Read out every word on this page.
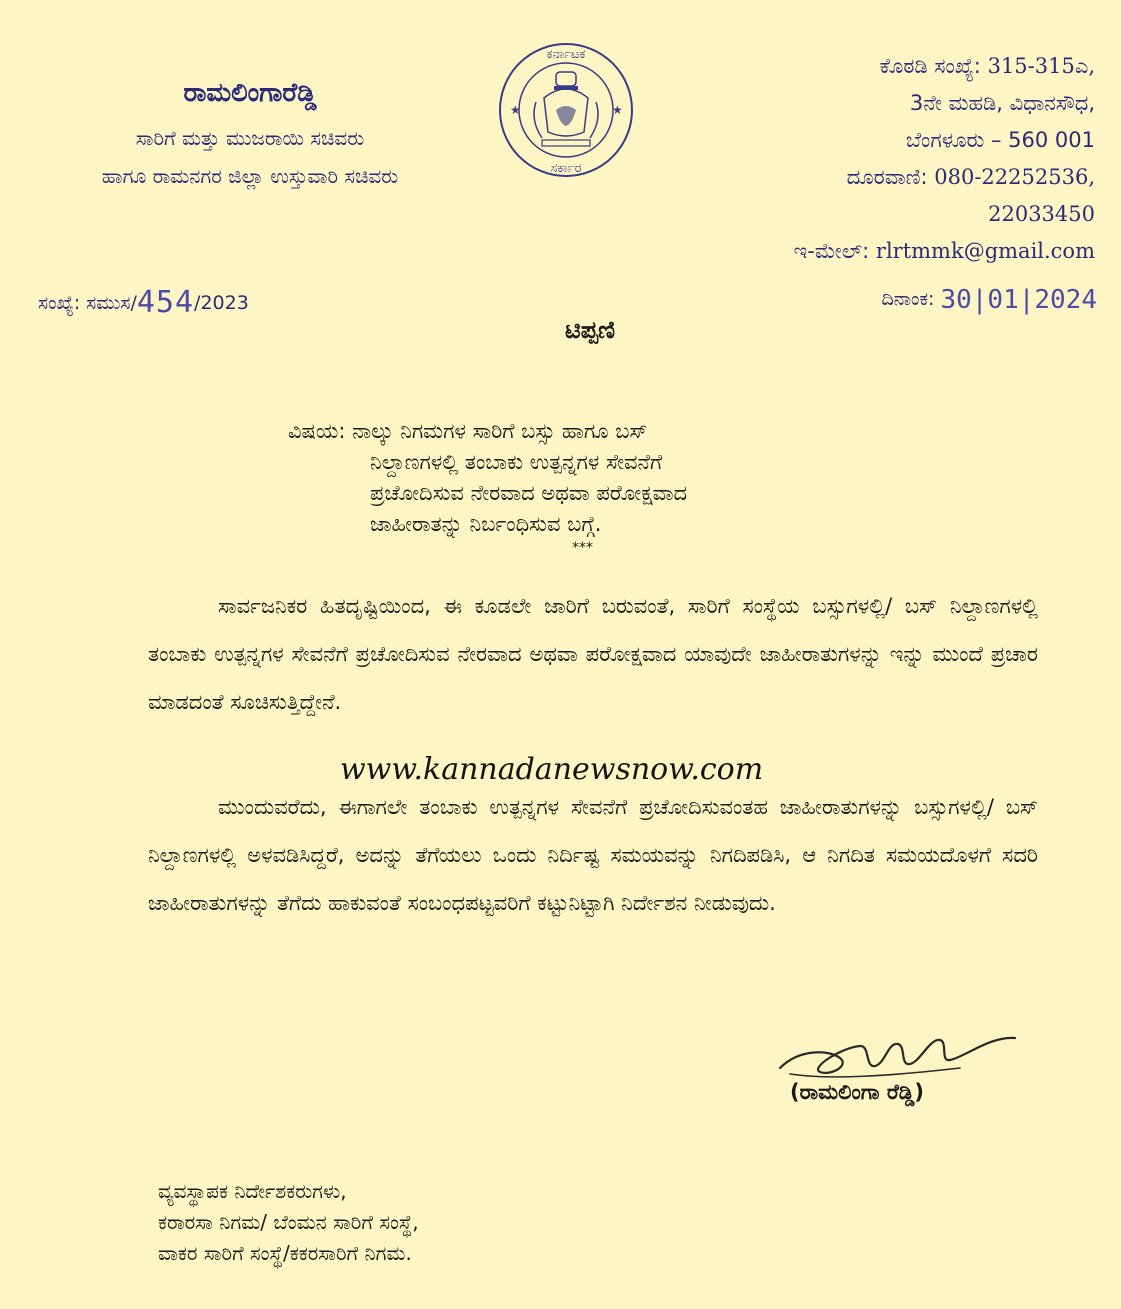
ರಾಮಲಿಂಗಾರೆಡ್ಡಿ
ಸಾರಿಗೆ ಮತ್ತು ಮುಜರಾಯಿ ಸಚಿವರು
ಹಾಗೂ ರಾಮನಗರ ಜಿಲ್ಲಾ ಉಸ್ತುವಾರಿ ಸಚಿವರು
ಕರ್ನಾಟಕ
ಸರ್ಕಾರ
★	★
ಕೊಠಡಿ ಸಂಖ್ಯೆ: 315-315ಎ,
3ನೇ ಮಹಡಿ, ವಿಧಾನಸೌಧ,
ಬೆಂಗಳೂರು – 560 001
ದೂರವಾಣಿ: 080-22252536,
22033450
ಇ-ಮೇಲ್: rlrtmmk@gmail.com
ಸಂಖ್ಯೆ: ಸಮುಸ/454/2023	ದಿನಾಂಕ: 30|01|2024
ಟಿಪ್ಪಣಿ
ವಿಷಯ: ನಾಲ್ಕು ನಿಗಮಗಳ ಸಾರಿಗೆ ಬಸ್ಸು ಹಾಗೂ ಬಸ್
ನಿಲ್ದಾಣಗಳಲ್ಲಿ ತಂಬಾಕು ಉತ್ಪನ್ನಗಳ ಸೇವನೆಗೆ
ಪ್ರಚೋದಿಸುವ ನೇರವಾದ ಅಥವಾ ಪರೋಕ್ಷವಾದ
ಜಾಹೀರಾತನ್ನು ನಿರ್ಬಂಧಿಸುವ ಬಗ್ಗೆ.
***

ಸಾರ್ವಜನಿಕರ ಹಿತದೃಷ್ಟಿಯಿಂದ, ಈ ಕೂಡಲೇ ಜಾರಿಗೆ ಬರುವಂತೆ, ಸಾರಿಗೆ ಸಂಸ್ಥೆಯ ಬಸ್ಸುಗಳಲ್ಲಿ/ ಬಸ್ ನಿಲ್ದಾಣಗಳಲ್ಲಿ ತಂಬಾಕು ಉತ್ಪನ್ನಗಳ ಸೇವನೆಗೆ ಪ್ರಚೋದಿಸುವ ನೇರವಾದ ಅಥವಾ ಪರೋಕ್ಷವಾದ ಯಾವುದೇ ಜಾಹೀರಾತುಗಳನ್ನು ಇನ್ನು ಮುಂದೆ ಪ್ರಚಾರ ಮಾಡದಂತೆ ಸೂಚಿಸುತ್ತಿದ್ದೇನೆ.

www.kannadanewsnow.com

ಮುಂದುವರೆದು, ಈಗಾಗಲೇ ತಂಬಾಕು ಉತ್ಪನ್ನಗಳ ಸೇವನೆಗೆ ಪ್ರಚೋದಿಸುವಂತಹ ಜಾಹೀರಾತುಗಳನ್ನು ಬಸ್ಸುಗಳಲ್ಲಿ/ ಬಸ್ ನಿಲ್ದಾಣಗಳಲ್ಲಿ ಅಳವಡಿಸಿದ್ದರೆ, ಅದನ್ನು ತೆಗೆಯಲು ಒಂದು ನಿರ್ದಿಷ್ಟ ಸಮಯವನ್ನು ನಿಗದಿಪಡಿಸಿ, ಆ ನಿಗದಿತ ಸಮಯದೊಳಗೆ ಸದರಿ ಜಾಹೀರಾತುಗಳನ್ನು ತೆಗೆದು ಹಾಕುವಂತೆ ಸಂಬಂಧಪಟ್ಟವರಿಗೆ ಕಟ್ಟುನಿಟ್ಟಾಗಿ ನಿರ್ದೇಶನ ನೀಡುವುದು.

(ರಾಮಲಿಂಗಾ ರೆಡ್ಡಿ)
ವ್ಯವಸ್ಥಾಪಕ ನಿರ್ದೇಶಕರುಗಳು,
ಕರಾರಸಾ ನಿಗಮ/ ಬೆಂಮನ ಸಾರಿಗೆ ಸಂಸ್ಥೆ,
ವಾಕರ ಸಾರಿಗೆ ಸಂಸ್ಥೆ/ಕಕರಸಾರಿಗೆ ನಿಗಮ.
